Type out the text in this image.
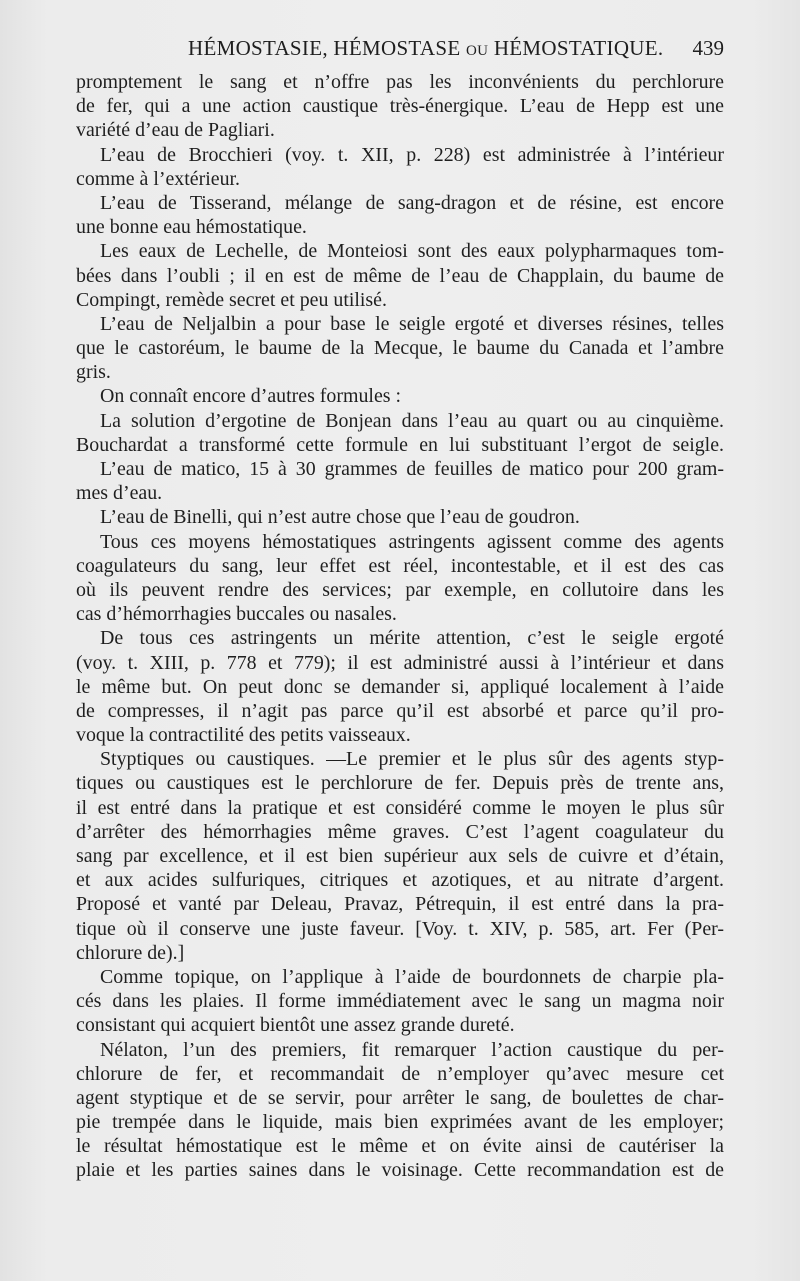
HÉMOSTASIE, HÉMOSTASE OU HÉMOSTATIQUE. 439
promptement le sang et n’offre pas les inconvénients du perchlorure
de fer, qui a une action caustique très-énergique. L’eau de Hepp est une
variété d’eau de Pagliari.
L’eau de Brocchieri (voy. t. XII, p. 228) est administrée à l’intérieur
comme à l’extérieur.
L’eau de Tisserand, mélange de sang-dragon et de résine, est encore
une bonne eau hémostatique.
Les eaux de Lechelle, de Monteiosi sont des eaux polypharmaques tom-
bées dans l’oubli ; il en est de même de l’eau de Chapplain, du baume de
Compingt, remède secret et peu utilisé.
L’eau de Neljalbin a pour base le seigle ergoté et diverses résines, telles
que le castoréum, le baume de la Mecque, le baume du Canada et l’ambre
gris.
On connaît encore d’autres formules :
La solution d’ergotine de Bonjean dans l’eau au quart ou au cinquième.
Bouchardat a transformé cette formule en lui substituant l’ergot de seigle.
L’eau de matico, 15 à 30 grammes de feuilles de matico pour 200 gram-
mes d’eau.
L’eau de Binelli, qui n’est autre chose que l’eau de goudron.
Tous ces moyens hémostatiques astringents agissent comme des agents
coagulateurs du sang, leur effet est réel, incontestable, et il est des cas
où ils peuvent rendre des services; par exemple, en collutoire dans les
cas d’hémorrhagies buccales ou nasales.
De tous ces astringents un mérite attention, c’est le seigle ergoté
(voy. t. XIII, p. 778 et 779); il est administré aussi à l’intérieur et dans
le même but. On peut donc se demander si, appliqué localement à l’aide
de compresses, il n’agit pas parce qu’il est absorbé et parce qu’il pro-
voque la contractilité des petits vaisseaux.
Styptiques ou caustiques. —Le premier et le plus sûr des agents styp-
tiques ou caustiques est le perchlorure de fer. Depuis près de trente ans,
il est entré dans la pratique et est considéré comme le moyen le plus sûr
d’arrêter des hémorrhagies même graves. C’est l’agent coagulateur du
sang par excellence, et il est bien supérieur aux sels de cuivre et d’étain,
et aux acides sulfuriques, citriques et azotiques, et au nitrate d’argent.
Proposé et vanté par Deleau, Pravaz, Pétrequin, il est entré dans la pra-
tique où il conserve une juste faveur. [Voy. t. XIV, p. 585, art. Fer (Per-
chlorure de).]
Comme topique, on l’applique à l’aide de bourdonnets de charpie pla-
cés dans les plaies. Il forme immédiatement avec le sang un magma noir
consistant qui acquiert bientôt une assez grande dureté.
Nélaton, l’un des premiers, fit remarquer l’action caustique du per-
chlorure de fer, et recommandait de n’employer qu’avec mesure cet
agent styptique et de se servir, pour arrêter le sang, de boulettes de char-
pie trempée dans le liquide, mais bien exprimées avant de les employer;
le résultat hémostatique est le même et on évite ainsi de cautériser la
plaie et les parties saines dans le voisinage. Cette recommandation est de
